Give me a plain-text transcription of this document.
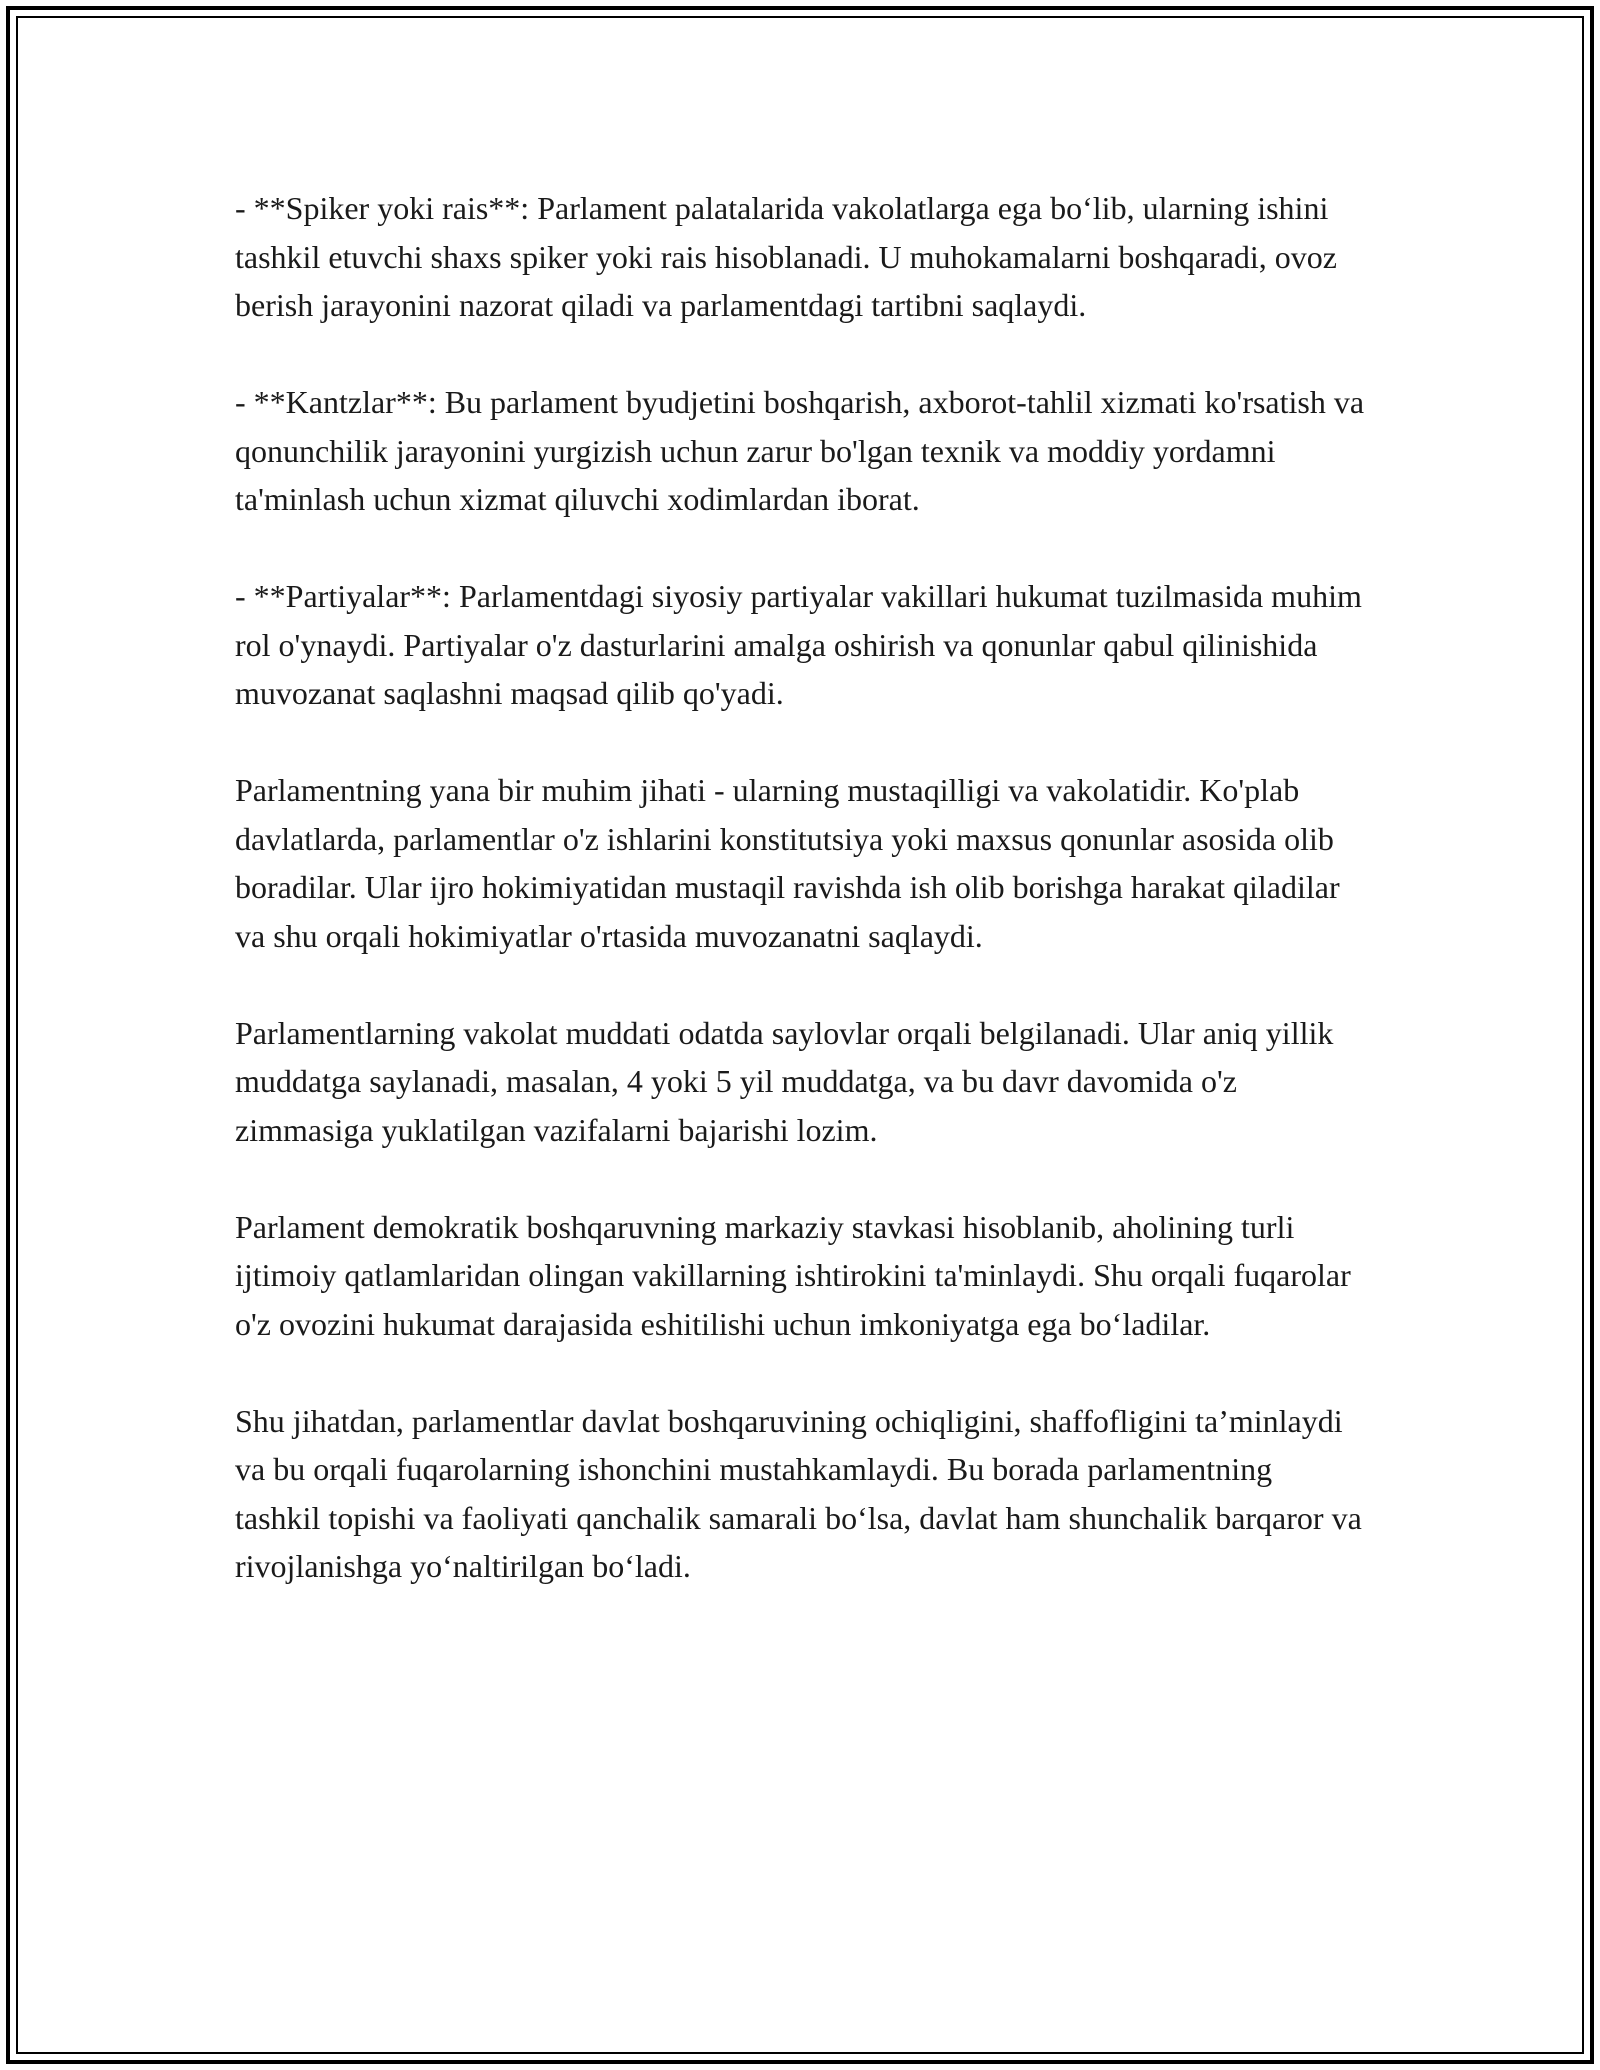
- **Spiker yoki rais**: Parlament palatalarida vakolatlarga ega bo‘lib, ularning ishini tashkil etuvchi shaxs spiker yoki rais hisoblanadi. U muhokamalarni boshqaradi, ovoz berish jarayonini nazorat qiladi va parlamentdagi tartibni saqlaydi.

- **Kantzlar**: Bu parlament byudjetini boshqarish, axborot-tahlil xizmati ko'rsatish va qonunchilik jarayonini yurgizish uchun zarur bo'lgan texnik va moddiy yordamni ta'minlash uchun xizmat qiluvchi xodimlardan iborat.

- **Partiyalar**: Parlamentdagi siyosiy partiyalar vakillari hukumat tuzilmasida muhim rol o'ynaydi. Partiyalar o'z dasturlarini amalga oshirish va qonunlar qabul qilinishida muvozanat saqlashni maqsad qilib qo'yadi.

Parlamentning yana bir muhim jihati - ularning mustaqilligi va vakolatidir. Ko'plab davlatlarda, parlamentlar o'z ishlarini konstitutsiya yoki maxsus qonunlar asosida olib boradilar. Ular ijro hokimiyatidan mustaqil ravishda ish olib borishga harakat qiladilar va shu orqali hokimiyatlar o'rtasida muvozanatni saqlaydi.

Parlamentlarning vakolat muddati odatda saylovlar orqali belgilanadi. Ular aniq yillik muddatga saylanadi, masalan, 4 yoki 5 yil muddatga, va bu davr davomida o'z zimmasiga yuklatilgan vazifalarni bajarishi lozim.

Parlament demokratik boshqaruvning markaziy stavkasi hisoblanib, aholining turli ijtimoiy qatlamlaridan olingan vakillarning ishtirokini ta'minlaydi. Shu orqali fuqarolar o'z ovozini hukumat darajasida eshitilishi uchun imkoniyatga ega bo‘ladilar.

Shu jihatdan, parlamentlar davlat boshqaruvining ochiqligini, shaffofligini ta’minlaydi va bu orqali fuqarolarning ishonchini mustahkamlaydi. Bu borada parlamentning tashkil topishi va faoliyati qanchalik samarali bo‘lsa, davlat ham shunchalik barqaror va rivojlanishga yo‘naltirilgan bo‘ladi.
